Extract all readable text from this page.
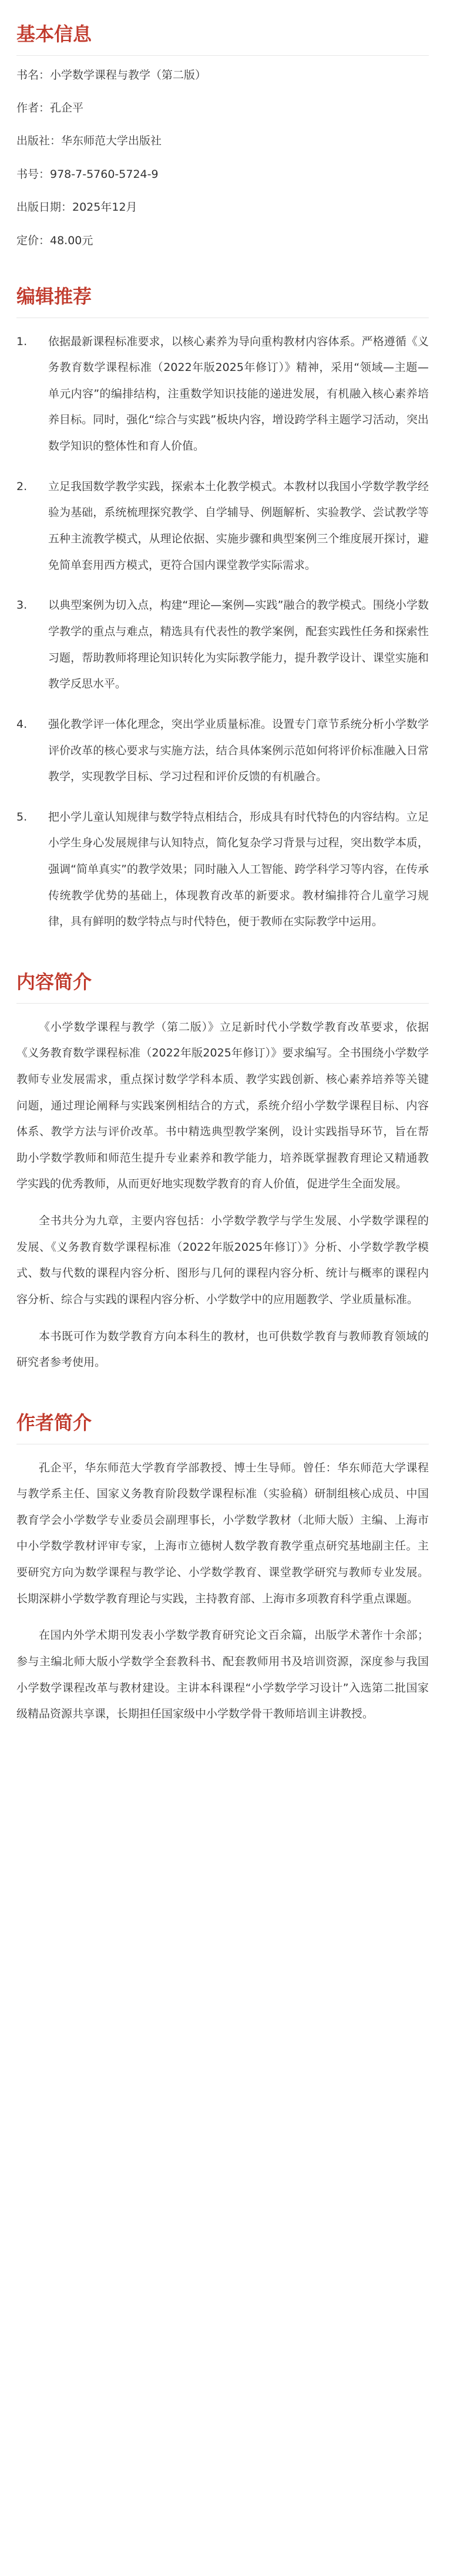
基本信息
书名：小学数学课程与教学（第二版）
作者：孔企平
出版社：华东师范大学出版社
书号：978-7-5760-5724-9
出版日期：2025年12月
定价：48.00元
编辑推荐
1.	依据最新课程标准要求，以核心素养为导向重构教材内容体系。严格遵循《义务教育数学课程标准（2022年版2025年修订）》精神，采用“领域—主题—单元内容”的编排结构，注重数学知识技能的递进发展，有机融入核心素养培养目标。同时，强化“综合与实践”板块内容，增设跨学科主题学习活动，突出数学知识的整体性和育人价值。
2.	立足我国数学教学实践，探索本土化教学模式。本教材以我国小学数学教学经验为基础，系统梳理探究教学、自学辅导、例题解析、实验教学、尝试教学等五种主流教学模式，从理论依据、实施步骤和典型案例三个维度展开探讨，避免简单套用西方模式，更符合国内课堂教学实际需求。
3.	以典型案例为切入点，构建“理论—案例—实践”融合的教学模式。围绕小学数学教学的重点与难点，精选具有代表性的教学案例，配套实践性任务和探索性习题，帮助教师将理论知识转化为实际教学能力，提升教学设计、课堂实施和教学反思水平。
4.	强化教学评一体化理念，突出学业质量标准。设置专门章节系统分析小学数学评价改革的核心要求与实施方法，结合具体案例示范如何将评价标准融入日常教学，实现教学目标、学习过程和评价反馈的有机融合。
5.	把小学儿童认知规律与数学特点相结合，形成具有时代特色的内容结构。立足小学生身心发展规律与认知特点，简化复杂学习背景与过程，突出数学本质，强调“简单真实”的教学效果；同时融入人工智能、跨学科学习等内容，在传承传统教学优势的基础上，体现教育改革的新要求。教材编排符合儿童学习规律，具有鲜明的数学特点与时代特色，便于教师在实际教学中运用。
内容简介

《小学数学课程与教学（第二版）》立足新时代小学数学教育改革要求，依据《义务教育数学课程标准（2022年版2025年修订）》要求编写。全书围绕小学数学教师专业发展需求，重点探讨数学学科本质、教学实践创新、核心素养培养等关键问题，通过理论阐释与实践案例相结合的方式，系统介绍小学数学课程目标、内容体系、教学方法与评价改革。书中精选典型教学案例，设计实践指导环节，旨在帮助小学数学教师和师范生提升专业素养和教学能力，培养既掌握教育理论又精通教学实践的优秀教师，从而更好地实现数学教育的育人价值，促进学生全面发展。

全书共分为九章，主要内容包括：小学数学教学与学生发展、小学数学课程的发展、《义务教育数学课程标准（2022年版2025年修订）》分析、小学数学教学模式、数与代数的课程内容分析、图形与几何的课程内容分析、统计与概率的课程内容分析、综合与实践的课程内容分析、小学数学中的应用题教学、学业质量标准。

本书既可作为数学教育方向本科生的教材，也可供数学教育与教师教育领域的研究者参考使用。

作者简介

孔企平，华东师范大学教育学部教授、博士生导师。曾任：华东师范大学课程与教学系主任、国家义务教育阶段数学课程标准（实验稿）研制组核心成员、中国教育学会小学数学专业委员会副理事长，小学数学教材（北师大版）主编、上海市中小学数学教材评审专家，上海市立德树人数学教育教学重点研究基地副主任。主要研究方向为数学课程与教学论、小学数学教育、课堂教学研究与教师专业发展。长期深耕小学数学教育理论与实践，主持教育部、上海市多项教育科学重点课题。

在国内外学术期刊发表小学数学教育研究论文百余篇，出版学术著作十余部；参与主编北师大版小学数学全套教科书、配套教师用书及培训资源，深度参与我国小学数学课程改革与教材建设。主讲本科课程“小学数学学习设计”入选第二批国家级精品资源共享课，长期担任国家级中小学数学骨干教师培训主讲教授。
